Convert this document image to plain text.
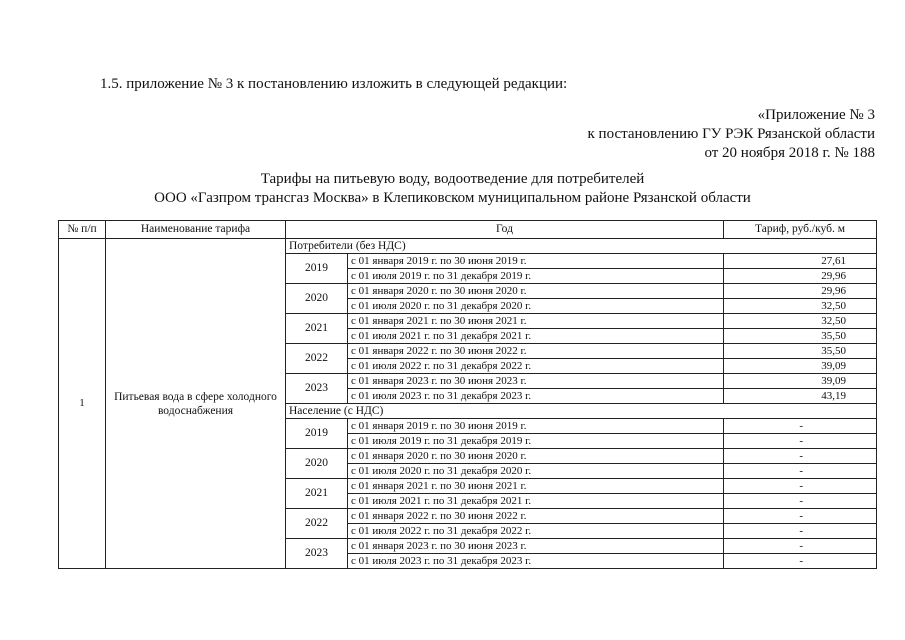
1.5. приложение № 3 к постановлению изложить в следующей редакции:
«Приложение № 3
к постановлению ГУ РЭК Рязанской области
от 20 ноября 2018 г. № 188
Тарифы на питьевую воду, водоотведение для потребителей
ООО «Газпром трансгаз Москва» в Клепиковском муниципальном районе Рязанской области
№ п/п	Наименование тарифа	Год		Тариф, руб./куб. м
1	Питьевая вода в сфере холодного водоснабжения	Потребители (без НДС)		
		2019	с 01 января 2019 г. по 30 июня 2019 г.	27,61
			с 01 июля 2019 г. по 31 декабря 2019 г.	29,96
		2020	с 01 января 2020 г. по 30 июня 2020 г.	29,96
			с 01 июля 2020 г. по 31 декабря 2020 г.	32,50
		2021	с 01 января 2021 г. по 30 июня 2021 г.	32,50
			с 01 июля 2021 г. по 31 декабря 2021 г.	35,50
		2022	с 01 января 2022 г. по 30 июня 2022 г.	35,50
			с 01 июля 2022 г. по 31 декабря 2022 г.	39,09
		2023	с 01 января 2023 г. по 30 июня 2023 г.	39,09
			с 01 июля 2023 г. по 31 декабря 2023 г.	43,19
		Население (с НДС)		
		2019	с 01 января 2019 г. по 30 июня 2019 г.	-
			с 01 июля 2019 г. по 31 декабря 2019 г.	-
		2020	с 01 января 2020 г. по 30 июня 2020 г.	-
			с 01 июля 2020 г. по 31 декабря 2020 г.	-
		2021	с 01 января 2021 г. по 30 июня 2021 г.	-
			с 01 июля 2021 г. по 31 декабря 2021 г.	-
		2022	с 01 января 2022 г. по 30 июня 2022 г.	-
			с 01 июля 2022 г. по 31 декабря 2022 г.	-
		2023	с 01 января 2023 г. по 30 июня 2023 г.	-
			с 01 июля 2023 г. по 31 декабря 2023 г.	-
